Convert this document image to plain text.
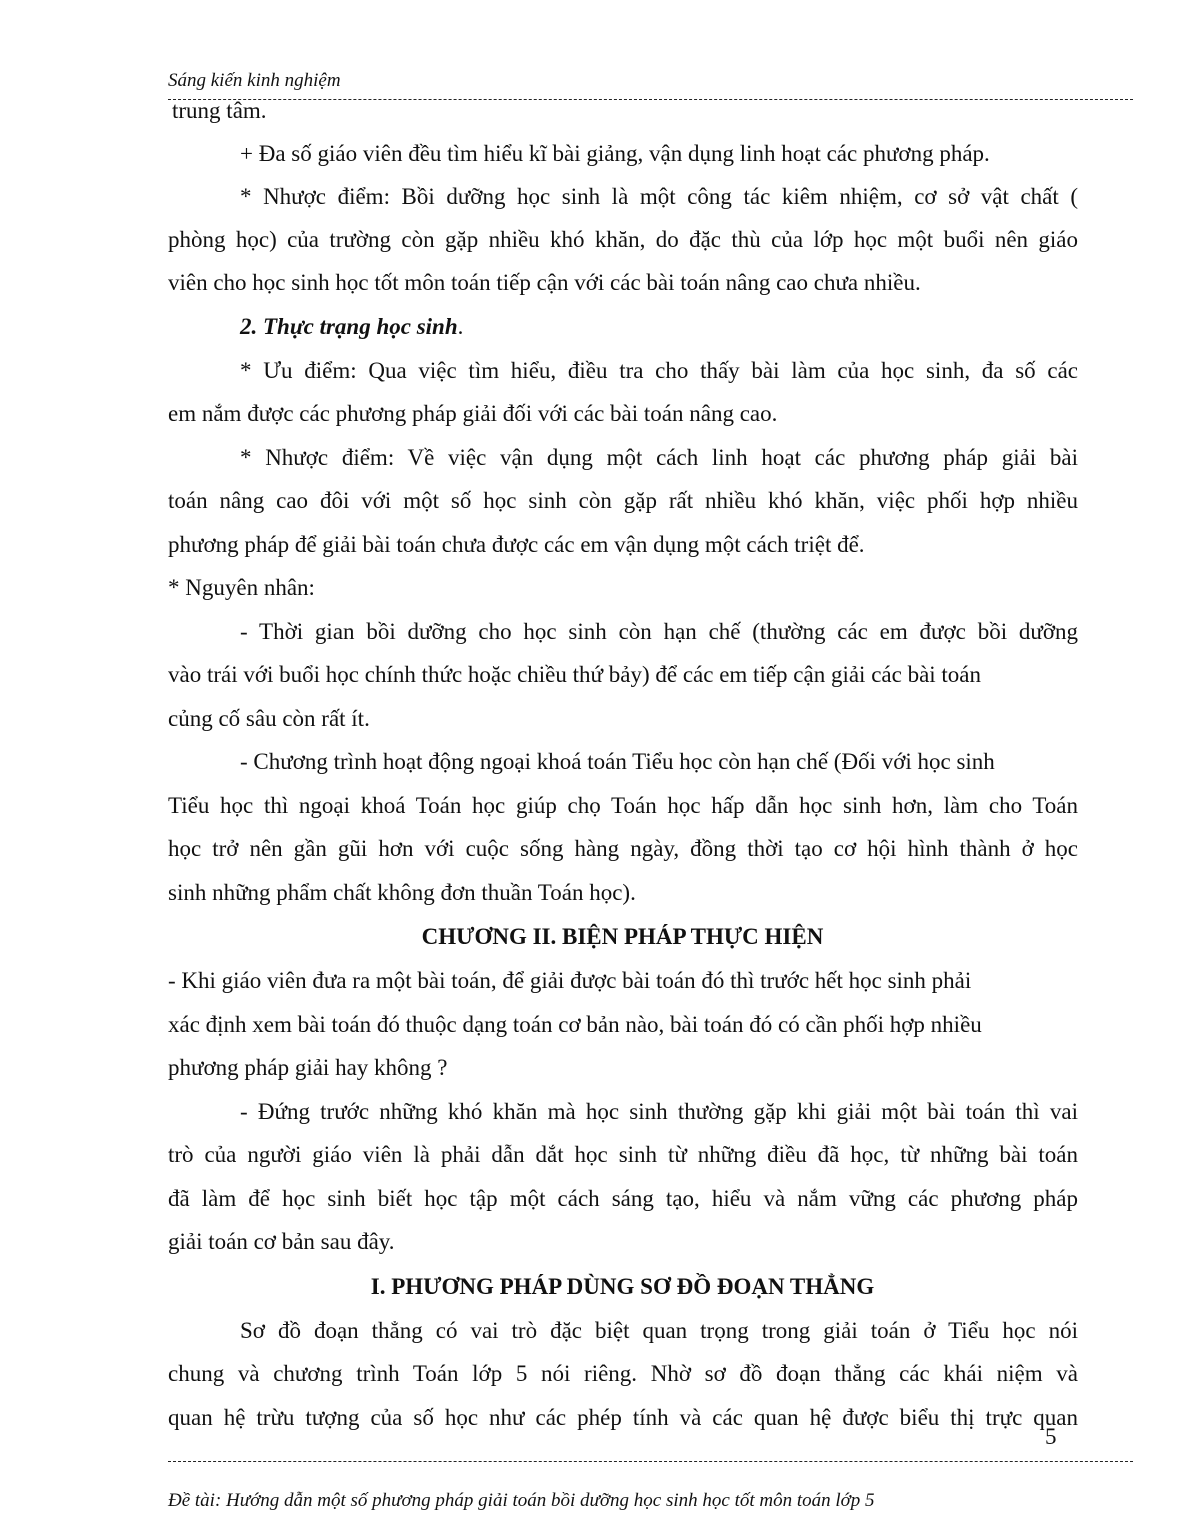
Sáng kiến kinh nghiệm
trung tâm.
+ Đa số giáo viên đều tìm hiểu kĩ bài giảng, vận dụng linh hoạt các phương pháp.
* Nhược điểm: Bồi dưỡng học sinh là một công tác kiêm nhiệm, cơ sở vật chất (
phòng học) của trường còn gặp nhiều khó khăn, do đặc thù của lớp học một buổi nên giáo
viên cho học sinh học tốt môn toán tiếp cận với các bài toán nâng cao chưa nhiều.
2. Thực trạng học sinh.
* Ưu điểm: Qua việc tìm hiểu, điều tra cho thấy bài làm của học sinh, đa số các
em nắm được các phương pháp giải đối với các bài toán nâng cao.
* Nhược điểm: Về việc vận dụng một cách linh hoạt các phương pháp giải bài
toán nâng cao đôi với một số học sinh còn gặp rất nhiều khó khăn, việc phối hợp nhiều
phương pháp để giải bài toán chưa được các em vận dụng một cách triệt để.
* Nguyên nhân:
- Thời gian bồi dưỡng cho học sinh còn hạn chế (thường các em được bồi dưỡng
vào trái với buổi học chính thức hoặc chiều thứ bảy) để các em tiếp cận giải các bài toán
củng cố sâu còn rất ít.
- Chương trình hoạt động ngoại khoá toán Tiểu học còn hạn chế (Đối với học sinh
Tiểu học thì ngoại khoá Toán học giúp chọ Toán học hấp dẫn học sinh hơn, làm cho Toán
học trở nên gần gũi hơn với cuộc sống hàng ngày, đồng thời tạo cơ hội hình thành ở học
sinh những phẩm chất không đơn thuần Toán học).
CHƯƠNG II. BIỆN PHÁP THỰC HIỆN
- Khi giáo viên đưa ra một bài toán, để giải được bài toán đó thì trước hết học sinh phải
xác định xem bài toán đó thuộc dạng toán cơ bản nào, bài toán đó có cần phối hợp nhiều
phương pháp giải hay không ?
- Đứng trước những khó khăn mà học sinh thường gặp khi giải một bài toán thì vai
trò của người giáo viên là phải dẫn dắt học sinh từ những điều đã học, từ những bài toán
đã làm để học sinh biết học tập một cách sáng tạo, hiểu và nắm vững các phương pháp
giải toán cơ bản sau đây.
I. PHƯƠNG PHÁP DÙNG SƠ ĐỒ ĐOẠN THẲNG
Sơ đồ đoạn thẳng có vai trò đặc biệt quan trọng trong giải toán ở Tiểu học nói
chung và chương trình Toán lớp 5 nói riêng. Nhờ sơ đồ đoạn thẳng các khái niệm và
quan hệ trừu tượng của số học như các phép tính và các quan hệ được biểu thị trực quan
5
Đề tài: Hướng dẫn một số phương pháp giải toán bồi dưỡng học sinh học tốt môn toán lớp 5
